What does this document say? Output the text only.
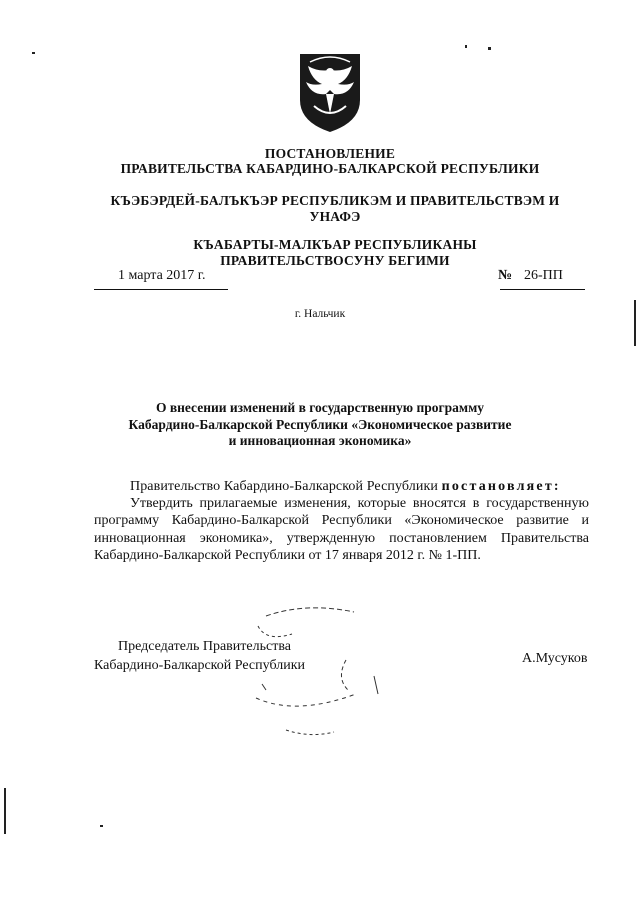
ПОСТАНОВЛЕНИЕ
ПРАВИТЕЛЬСТВА КАБАРДИНО-БАЛКАРСКОЙ РЕСПУБЛИКИ
КЪЭБЭРДЕЙ-БАЛЪКЪЭР РЕСПУБЛИКЭМ И ПРАВИТЕЛЬСТВЭМ И УНАФЭ
КЪАБАРТЫ-МАЛКЪАР РЕСПУБЛИКАНЫ ПРАВИТЕЛЬСТВОСУНУ БЕГИМИ
1 марта 2017 г.	№ 26-ПП
г. Нальчик
О внесении изменений в государственную программу
Кабардино-Балкарской Республики «Экономическое развитие
и инновационная экономика»
Правительство Кабардино-Балкарской Республики постановляет:
Утвердить прилагаемые изменения, которые вносятся в государственную программу Кабардино-Балкарской Республики «Экономическое развитие и инновационная экономика», утвержденную постановлением Правительства Кабардино-Балкарской Республики от 17 января 2012 г. № 1-ПП.
Председатель Правительства
Кабардино-Балкарской Республики	А.Мусуков
